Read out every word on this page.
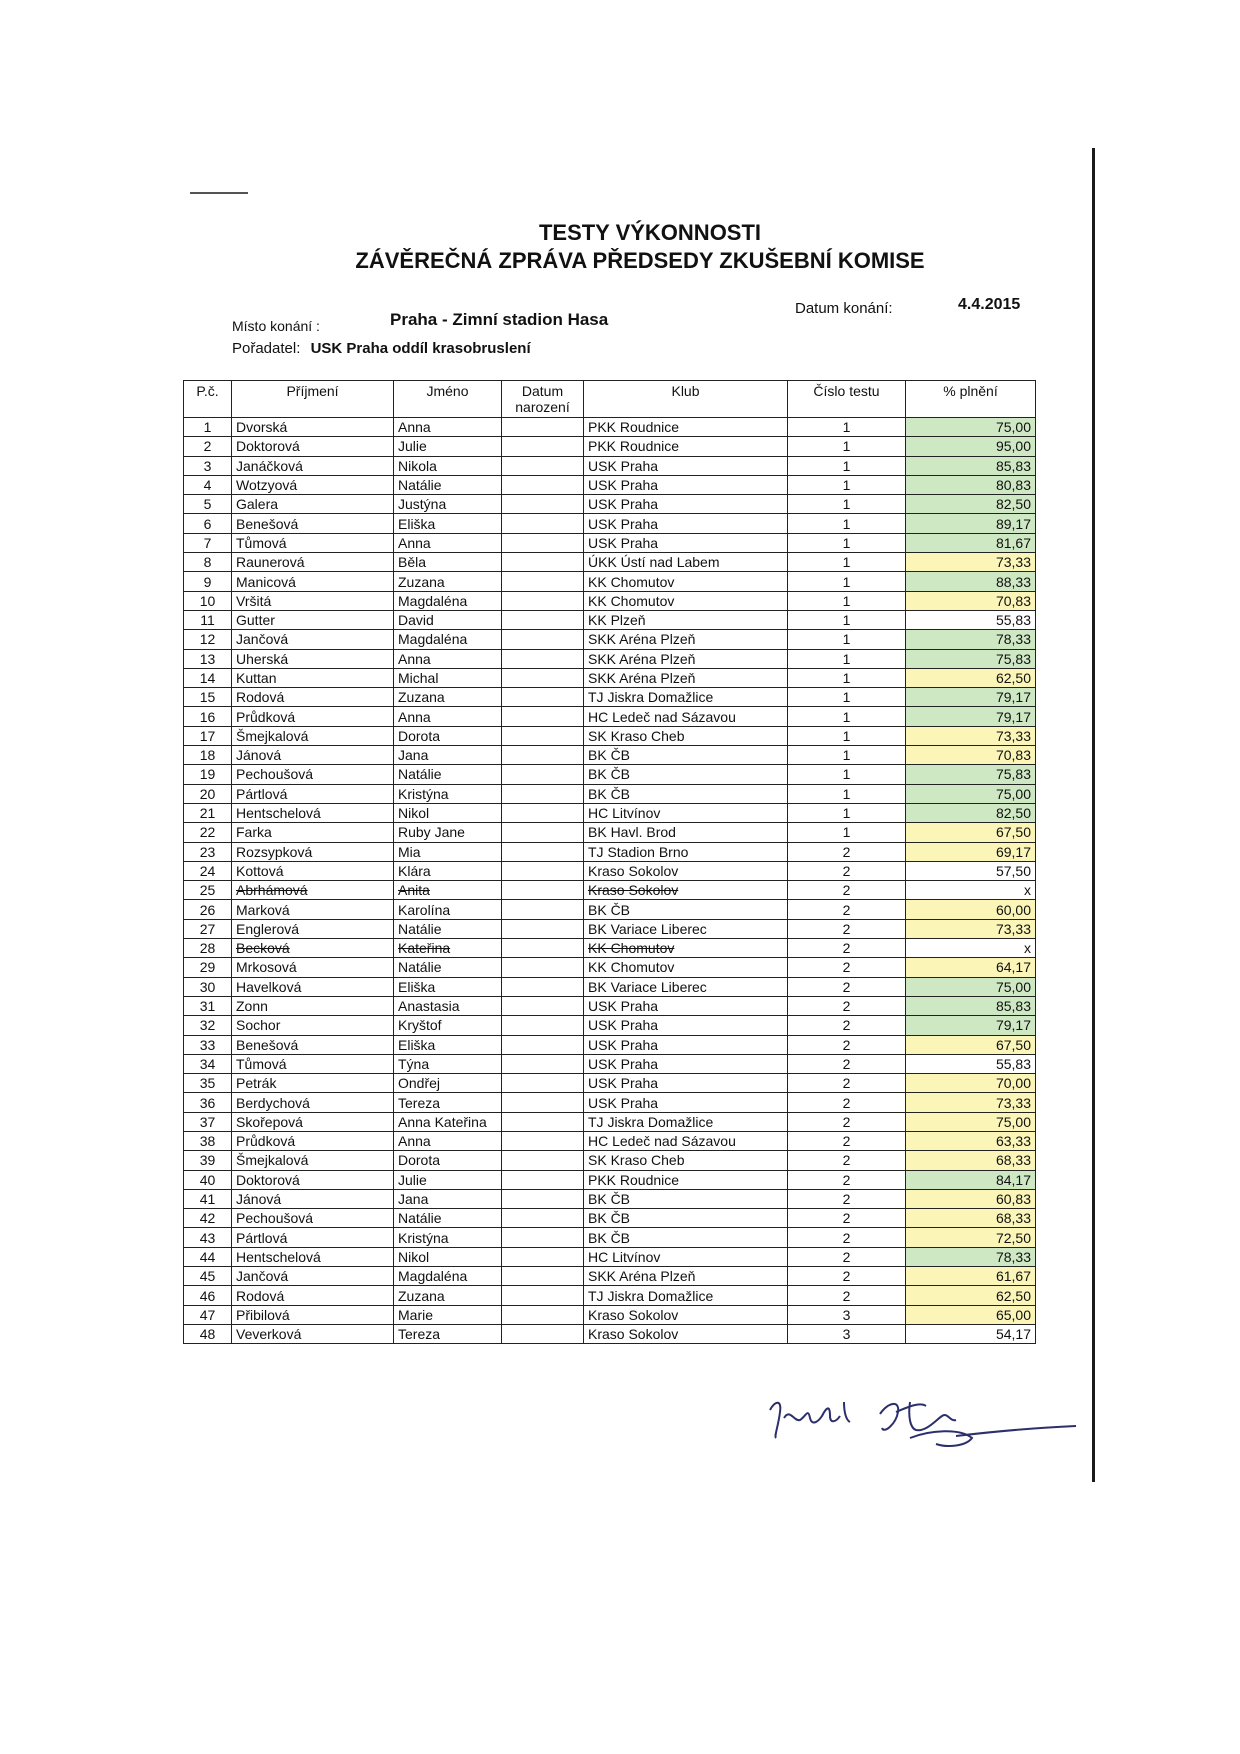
TESTY VÝKONNOSTI
ZÁVĚREČNÁ ZPRÁVA PŘEDSEDY ZKUŠEBNÍ KOMISE
Místo konání :	Praha - Zimní stadion Hasa
Datum konání:	4.4.2015
Pořadatel: USK Praha oddíl krasobruslení
P.č.	Příjmení	Jméno	Datum narození	Klub	Číslo testu	% plnění
1	Dvorská	Anna		PKK Roudnice	1	75,00
2	Doktorová	Julie		PKK Roudnice	1	95,00
3	Janáčková	Nikola		USK Praha	1	85,83
4	Wotzyová	Natálie		USK Praha	1	80,83
5	Galera	Justýna		USK Praha	1	82,50
6	Benešová	Eliška		USK Praha	1	89,17
7	Tůmová	Anna		USK Praha	1	81,67
8	Raunerová	Běla		ÚKK Ústí nad Labem	1	73,33
9	Manicová	Zuzana		KK Chomutov	1	88,33
10	Vršitá	Magdaléna		KK Chomutov	1	70,83
11	Gutter	David		KK Plzeň	1	55,83
12	Jančová	Magdaléna		SKK Aréna Plzeň	1	78,33
13	Uherská	Anna		SKK Aréna Plzeň	1	75,83
14	Kuttan	Michal		SKK Aréna Plzeň	1	62,50
15	Rodová	Zuzana		TJ Jiskra Domažlice	1	79,17
16	Průdková	Anna		HC Ledeč nad Sázavou	1	79,17
17	Šmejkalová	Dorota		SK Kraso Cheb	1	73,33
18	Jánová	Jana		BK ČB	1	70,83
19	Pechoušová	Natálie		BK ČB	1	75,83
20	Pártlová	Kristýna		BK ČB	1	75,00
21	Hentschelová	Nikol		HC Litvínov	1	82,50
22	Farka	Ruby Jane		BK Havl. Brod	1	67,50
23	Rozsypková	Mia		TJ Stadion Brno	2	69,17
24	Kottová	Klára		Kraso Sokolov	2	57,50
25	Abrhámová	Anita		Kraso Sokolov	2	x
26	Marková	Karolína		BK ČB	2	60,00
27	Englerová	Natálie		BK Variace Liberec	2	73,33
28	Becková	Kateřina		KK Chomutov	2	x
29	Mrkosová	Natálie		KK Chomutov	2	64,17
30	Havelková	Eliška		BK Variace Liberec	2	75,00
31	Zonn	Anastasia		USK Praha	2	85,83
32	Sochor	Kryštof		USK Praha	2	79,17
33	Benešová	Eliška		USK Praha	2	67,50
34	Tůmová	Týna		USK Praha	2	55,83
35	Petrák	Ondřej		USK Praha	2	70,00
36	Berdychová	Tereza		USK Praha	2	73,33
37	Skořepová	Anna Kateřina		TJ Jiskra Domažlice	2	75,00
38	Průdková	Anna		HC Ledeč nad Sázavou	2	63,33
39	Šmejkalová	Dorota		SK Kraso Cheb	2	68,33
40	Doktorová	Julie		PKK Roudnice	2	84,17
41	Jánová	Jana		BK ČB	2	60,83
42	Pechoušová	Natálie		BK ČB	2	68,33
43	Pártlová	Kristýna		BK ČB	2	72,50
44	Hentschelová	Nikol		HC Litvínov	2	78,33
45	Jančová	Magdaléna		SKK Aréna Plzeň	2	61,67
46	Rodová	Zuzana		TJ Jiskra Domažlice	2	62,50
47	Přibilová	Marie		Kraso Sokolov	3	65,00
48	Veverková	Tereza		Kraso Sokolov	3	54,17
